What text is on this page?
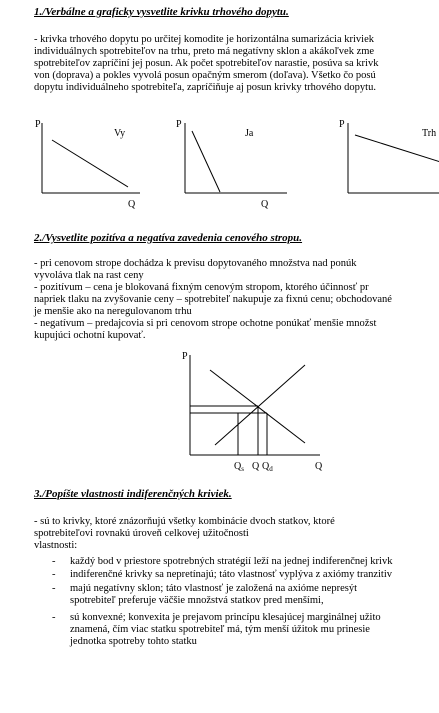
1./Verbálne a graficky vysvetlite krivku trhového dopytu.
- krivka trhového dopytu po určitej komodite je horizontálna sumarizácia kriviek
individuálnych spotrebiteľov na trhu, preto má negatívny sklon a akákoľvek zme
spotrebiteľov zapríčiní jej posun. Ak počet spotrebiteľov narastie, posúva sa krivk
von (doprava) a pokles vyvolá posun opačným smerom (doľava). Všetko čo posú
dopytu individuálneho spotrebiteľa, zapríčiňuje aj posun krivky trhového dopytu.
P
Q
Vy
P
Q
Ja
P
Trh
2./Vysvetlite pozitíva a negatíva zavedenia cenového stropu.
- pri cenovom strope dochádza k previsu dopytovaného množstva nad ponúk
vyvoláva tlak na rast ceny
- pozitívum – cena je blokovaná fixným cenovým stropom, ktorého účinnosť pr
napriek tlaku na zvyšovanie ceny – spotrebiteľ nakupuje za fixnú cenu; obchodované
je menšie ako na neregulovanom trhu
- negatívum – predajcovia si pri cenovom strope ochotne ponúkať menšie množst
kupujúci ochotní kupovať.
P
Q
$Q_s$ Q $Q_d$
3./Popíšte vlastnosti indiferenčných kriviek.
- sú to krivky, ktoré znázorňujú všetky kombinácie dvoch statkov, ktoré
spotrebiteľovi rovnakú úroveň celkovej užitočnosti
vlastnosti:
- každý bod v priestore spotrebných stratégií leží na jednej indiferenčnej krivk
- indiferenčné krivky sa nepretínajú; táto vlastnosť vyplýva z axiómy tranzitiv
- majú negatívny sklon; táto vlastnosť je založená na axióme nepresýt
spotrebiteľ preferuje väčšie množstvá statkov pred menšími,
- sú konvexné; konvexita je prejavom princípu klesajúcej marginálnej užito
znamená, čím viac statku spotrebiteľ má, tým menší úžitok mu prinesie
jednotka spotreby tohto statku
